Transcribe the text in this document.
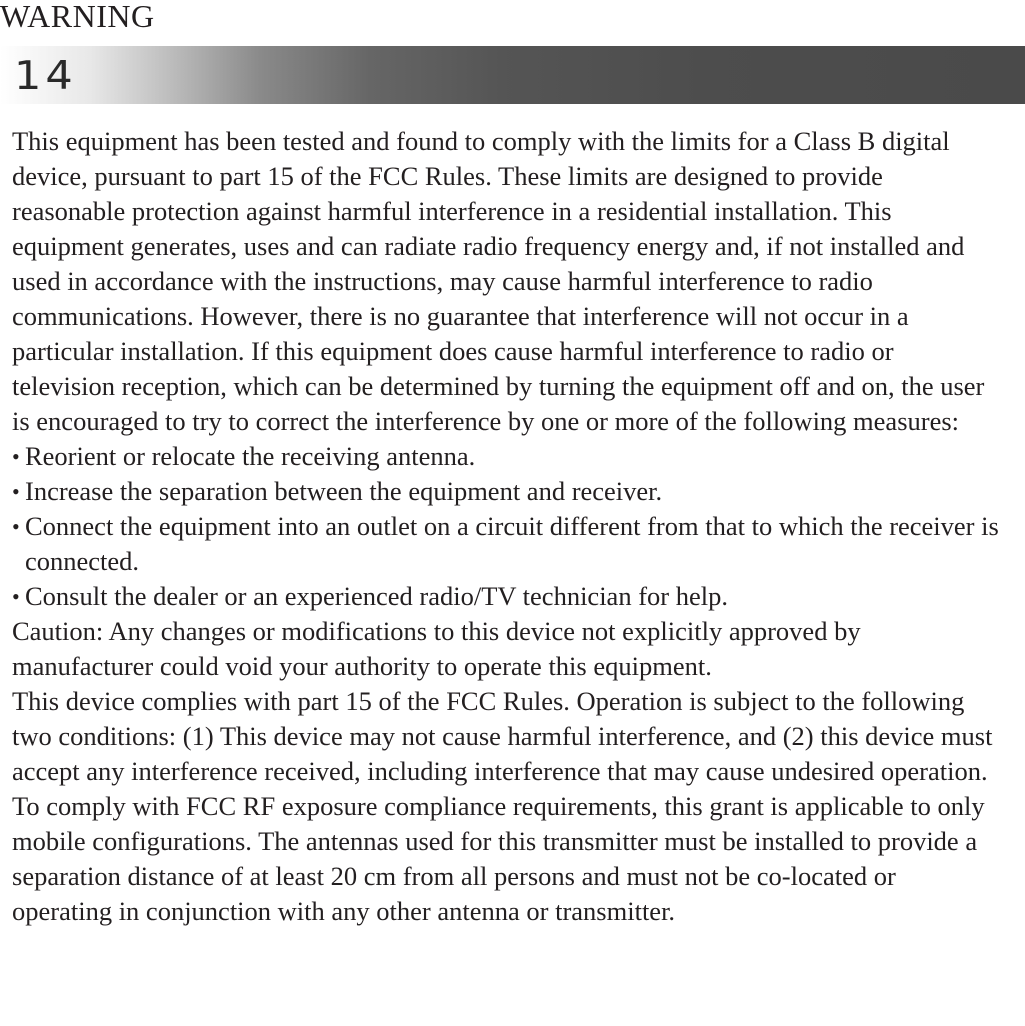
WARNING
14

This equipment has been tested and found to comply with the limits for a Class B digital device, pursuant to part 15 of the FCC Rules. These limits are designed to provide reasonable protection against harmful interference in a residential installation. This equipment generates, uses and can radiate radio frequency energy and, if not installed and used in accordance with the instructions, may cause harmful interference to radio communications. However, there is no guarantee that interference will not occur in a particular installation. If this equipment does cause harmful interference to radio or television reception, which can be determined by turning the equipment off and on, the user is encouraged to try to correct the interference by one or more of the following measures:

• Reorient or relocate the receiving antenna.
• Increase the separation between the equipment and receiver.
• Connect the equipment into an outlet on a circuit different from that to which the receiver is connected.
• Consult the dealer or an experienced radio/TV technician for help.

Caution: Any changes or modifications to this device not explicitly approved by manufacturer could void your authority to operate this equipment.

This device complies with part 15 of the FCC Rules. Operation is subject to the following two conditions: (1) This device may not cause harmful interference, and (2) this device must accept any interference received, including interference that may cause undesired operation.

To comply with FCC RF exposure compliance requirements, this grant is applicable to only mobile configurations. The antennas used for this transmitter must be installed to provide a separation distance of at least 20 cm from all persons and must not be co-located or operating in conjunction with any other antenna or transmitter.
